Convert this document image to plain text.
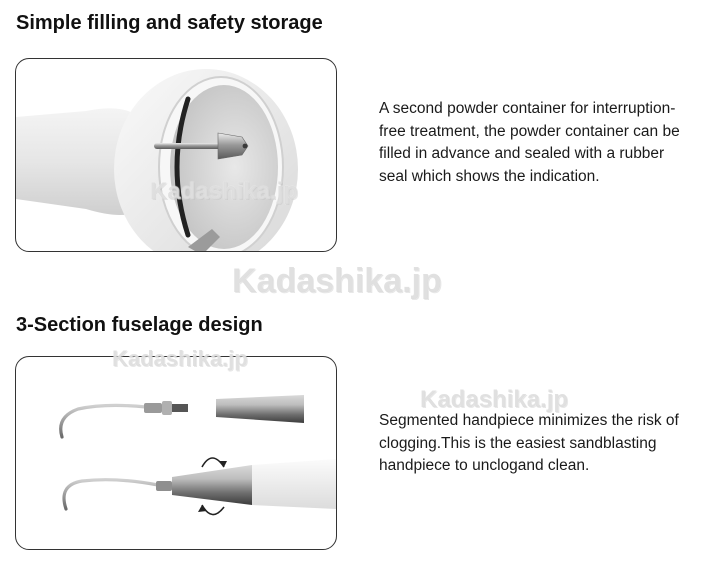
Simple filling and safety storage

A second powder container for interruption-free treatment, the powder container can be filled in advance and sealed with a rubber seal which shows the indication.

3-Section fuselage design

Segmented handpiece minimizes the risk of clogging.This is the easiest sandblasting handpiece to unclogand clean.

Kadashika.jp
Kadashika.jp
Kadashika.jp
Kadashika.jp
